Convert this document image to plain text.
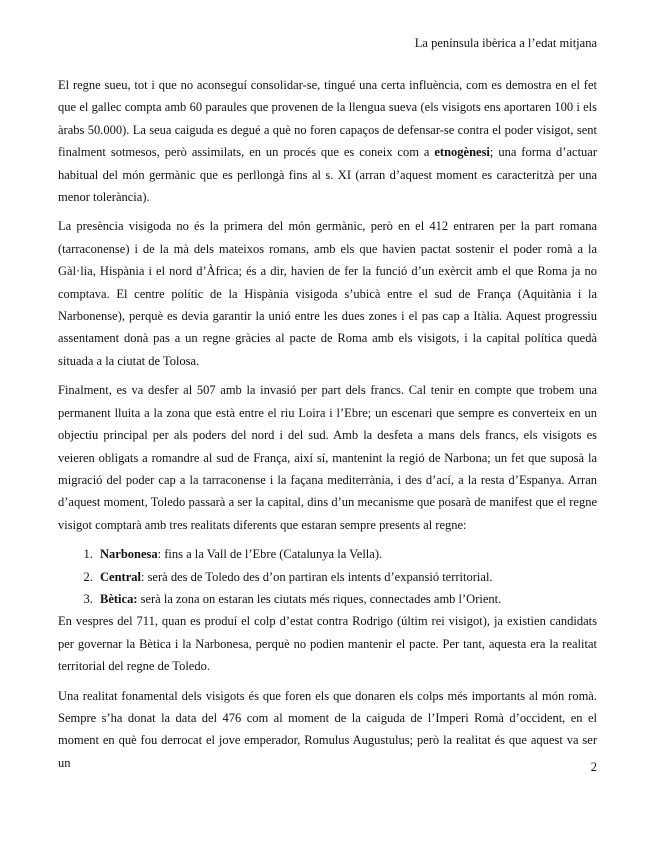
La península ibèrica a l’edat mitjana

El regne sueu, tot i que no aconseguí consolidar-se, tingué una certa influència, com es demostra en el fet que el gallec compta amb 60 paraules que provenen de la llengua sueva (els visigots ens aportaren 100 i els àrabs 50.000). La seua caiguda es degué a què no foren capaços de defensar-se contra el poder visigot, sent finalment sotmesos, però assimilats, en un procés que es coneix com a etnogènesi; una forma d’actuar habitual del món germànic que es perllongà fins al s. XI (arran d’aquest moment es caracteritzà per una menor tolerància).

La presència visigoda no és la primera del món germànic, però en el 412 entraren per la part romana (tarraconense) i de la mà dels mateixos romans, amb els que havien pactat sostenir el poder romà a la Gàl·lia, Hispània i el nord d’Àfrica; és a dir, havien de fer la funció d’un exèrcit amb el que Roma ja no comptava. El centre polític de la Hispània visigoda s’ubicà entre el sud de França (Aquitània i la Narbonense), perquè es devia garantir la unió entre les dues zones i el pas cap a Itàlia. Aquest progressiu assentament donà pas a un regne gràcies al pacte de Roma amb els visigots, i la capital política quedà situada a la ciutat de Tolosa.

Finalment, es va desfer al 507 amb la invasió per part dels francs. Cal tenir en compte que trobem una permanent lluita a la zona que està entre el riu Loira i l’Ebre; un escenari que sempre es converteix en un objectiu principal per als poders del nord i del sud. Amb la desfeta a mans dels francs, els visigots es veieren obligats a romandre al sud de França, així sí, mantenint la regió de Narbona; un fet que suposà la migració del poder cap a la tarraconense i la façana mediterrània, i des d’ací, a la resta d’Espanya. Arran d’aquest moment, Toledo passarà a ser la capital, dins d’un mecanisme que posarà de manifest que el regne visigot comptarà amb tres realitats diferents que estaran sempre presents al regne:

1. Narbonesa: fins a la Vall de l’Ebre (Catalunya la Vella).
2. Central: serà des de Toledo des d’on partiran els intents d’expansió territorial.
3. Bètica: serà la zona on estaran les ciutats més riques, connectades amb l’Orient.

En vespres del 711, quan es produí el colp d’estat contra Rodrigo (últim rei visigot), ja existien candidats per governar la Bètica i la Narbonesa, perquè no podien mantenir el pacte. Per tant, aquesta era la realitat territorial del regne de Toledo.

Una realitat fonamental dels visigots és que foren els que donaren els colps més importants al món romà. Sempre s’ha donat la data del 476 com al moment de la caiguda de l’Imperi Romà d’occident, en el moment en què fou derrocat el jove emperador, Romulus Augustulus; però la realitat és que aquest va ser un	2
